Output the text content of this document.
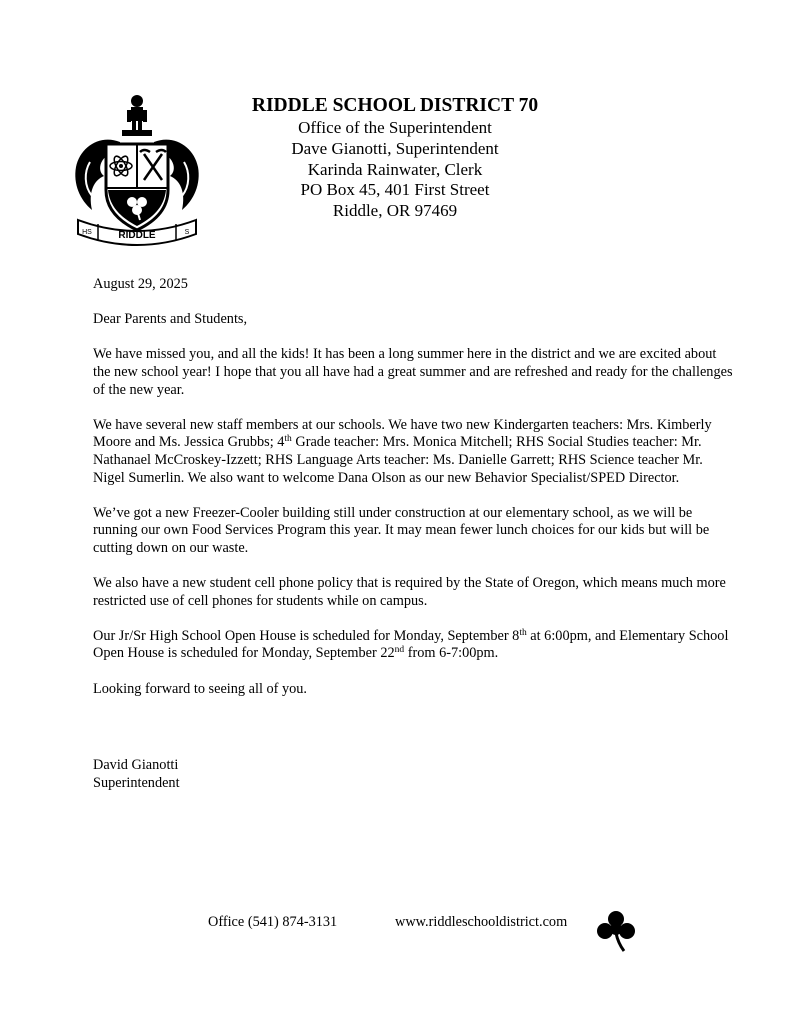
RIDDLE
HS	S
RIDDLE SCHOOL DISTRICT 70
Office of the Superintendent
Dave Gianotti, Superintendent
Karinda Rainwater, Clerk
PO Box 45, 401 First Street
Riddle, OR 97469

August 29, 2025

Dear Parents and Students,

We have missed you, and all the kids! It has been a long summer here in the district and we are excited about the new school year! I hope that you all have had a great summer and are refreshed and ready for the challenges of the new year.

We have several new staff members at our schools. We have two new Kindergarten teachers: Mrs. Kimberly Moore and Ms. Jessica Grubbs; 4th Grade teacher: Mrs. Monica Mitchell; RHS Social Studies teacher: Mr. Nathanael McCroskey-Izzett; RHS Language Arts teacher: Ms. Danielle Garrett; RHS Science teacher Mr. Nigel Sumerlin. We also want to welcome Dana Olson as our new Behavior Specialist/SPED Director.

We’ve got a new Freezer-Cooler building still under construction at our elementary school, as we will be running our own Food Services Program this year. It may mean fewer lunch choices for our kids but will be cutting down on our waste.

We also have a new student cell phone policy that is required by the State of Oregon, which means much more restricted use of cell phones for students while on campus.

Our Jr/Sr High School Open House is scheduled for Monday, September 8th at 6:00pm, and Elementary School Open House is scheduled for Monday, September 22nd from 6-7:00pm.

Looking forward to seeing all of you.

David Gianotti
Superintendent
Office (541) 874-3131	www.riddleschooldistrict.com
